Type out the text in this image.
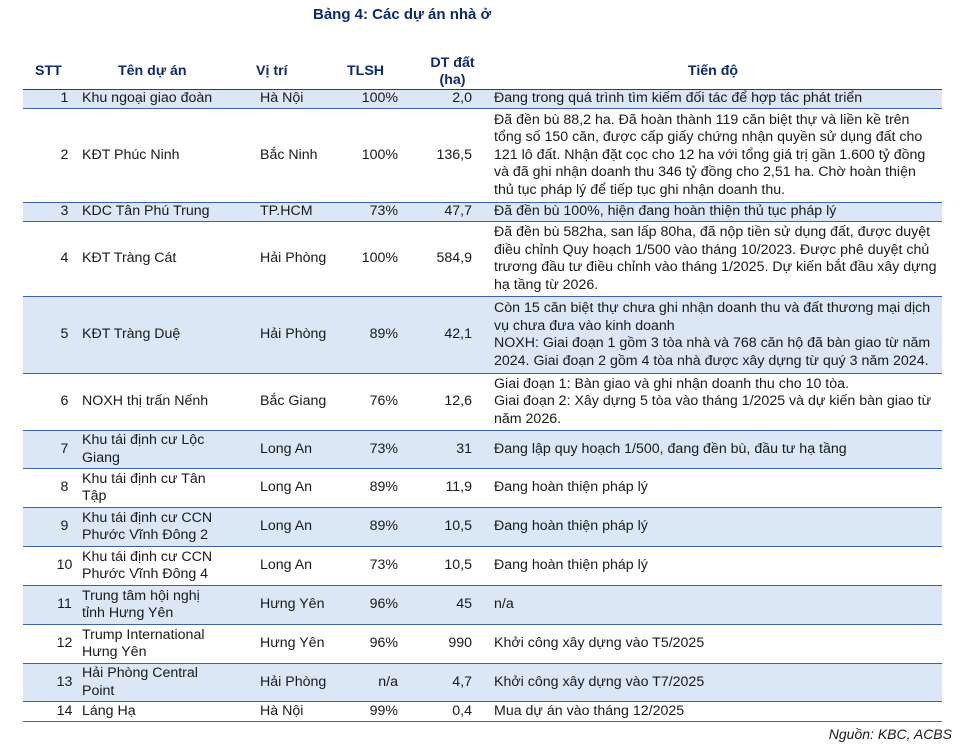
Bảng 4: Các dự án nhà ở
STT	Tên dự án	Vị trí	TLSH	DT đất (ha)	Tiến độ
1	Khu ngoại giao đoàn	Hà Nội	100%	2,0	Đang trong quá trình tìm kiếm đối tác để hợp tác phát triển
2	KĐT Phúc Ninh	Bắc Ninh	100%	136,5	Đã đền bù 88,2 ha. Đã hoàn thành 119 căn biệt thự và liền kề trên tổng số 150 căn, được cấp giấy chứng nhận quyền sử dụng đất cho 121 lô đất. Nhận đặt cọc cho 12 ha với tổng giá trị gần 1.600 tỷ đồng và đã ghi nhận doanh thu 346 tỷ đồng cho 2,51 ha. Chờ hoàn thiện thủ tục pháp lý để tiếp tục ghi nhận doanh thu.
3	KDC Tân Phú Trung	TP.HCM	73%	47,7	Đã đền bù 100%, hiện đang hoàn thiện thủ tục pháp lý
4	KĐT Tràng Cát	Hải Phòng	100%	584,9	Đã đền bù 582ha, san lấp 80ha, đã nộp tiền sử dụng đất, được duyệt điều chỉnh Quy hoạch 1/500 vào tháng 10/2023. Được phê duyệt chủ trương đầu tư điều chỉnh vào tháng 1/2025. Dự kiến bắt đầu xây dựng hạ tầng từ 2026.
5	KĐT Tràng Duệ	Hải Phòng	89%	42,1	Còn 15 căn biệt thự chưa ghi nhận doanh thu và đất thương mại dịch vụ chưa đưa vào kinh doanh
NOXH: Giai đoạn 1 gồm 3 tòa nhà và 768 căn hộ đã bàn giao từ năm 2024. Giai đoạn 2 gồm 4 tòa nhà được xây dựng từ quý 3 năm 2024.
6	NOXH thị trấn Nếnh	Bắc Giang	76%	12,6	Giai đoạn 1: Bàn giao và ghi nhận doanh thu cho 10 tòa.
Giai đoạn 2: Xây dựng 5 tòa vào tháng 1/2025 và dự kiến bàn giao từ năm 2026.
7	Khu tái định cư Lộc Giang	Long An	73%	31	Đang lập quy hoạch 1/500, đang đền bù, đầu tư hạ tầng
8	Khu tái định cư Tân Tập	Long An	89%	11,9	Đang hoàn thiện pháp lý
9	Khu tái định cư CCN Phước Vĩnh Đông 2	Long An	89%	10,5	Đang hoàn thiện pháp lý
10	Khu tái định cư CCN Phước Vĩnh Đông 4	Long An	73%	10,5	Đang hoàn thiện pháp lý
11	Trung tâm hội nghị tỉnh Hưng Yên	Hưng Yên	96%	45	n/a
12	Trump International Hưng Yên	Hưng Yên	96%	990	Khởi công xây dựng vào T5/2025
13	Hải Phòng Central Point	Hải Phòng	n/a	4,7	Khởi công xây dựng vào T7/2025
14	Láng Hạ	Hà Nội	99%	0,4	Mua dự án vào tháng 12/2025
Nguồn: KBC, ACBS
